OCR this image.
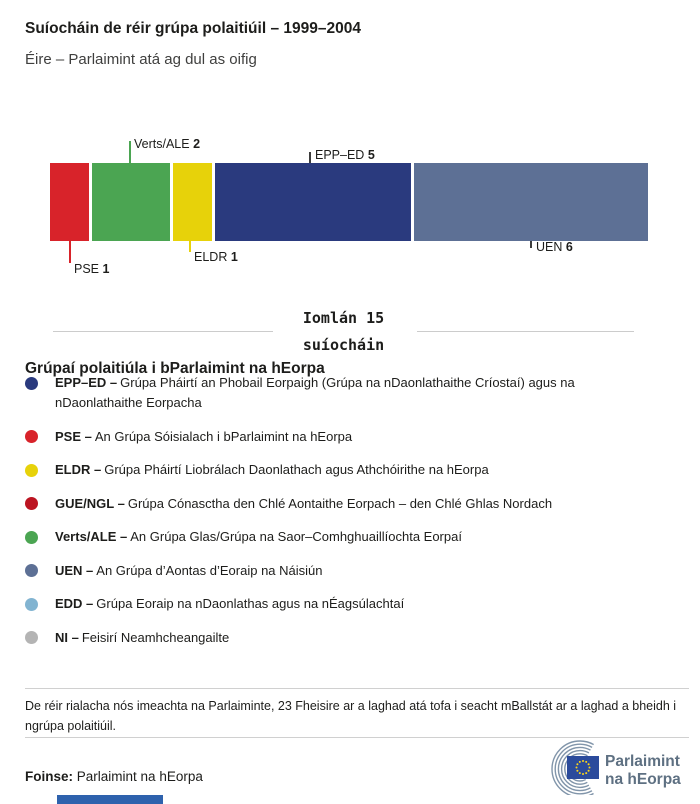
Suíocháin de réir grúpa polaitiúil – 1999–2004
Éire – Parlaimint atá ag dul as oifig
Verts/ALE 2
EPP–ED 5
PSE 1
ELDR 1
UEN 6
Iomlán 15
suíocháin
Grúpaí polaitiúla i bParlaimint na hEorpa
EPP–ED – Grúpa Pháirtí an Phobail Eorpaigh (Grúpa na nDaonlathaithe Críostaí) agus na nDaonlathaithe Eorpacha
PSE – An Grúpa Sóisialach i bParlaimint na hEorpa
ELDR – Grúpa Pháirtí Liobrálach Daonlathach agus Athchóirithe na hEorpa
GUE/NGL – Grúpa Cónasctha den Chlé Aontaithe Eorpach – den Chlé Ghlas Nordach
Verts/ALE – An Grúpa Glas/Grúpa na Saor–Comhghuaillíochta Eorpaí
UEN – An Grúpa d’Aontas d’Eoraip na Náisiún
EDD – Grúpa Eoraip na nDaonlathas agus na nÉagsúlachtaí
NI – Feisirí Neamhcheangailte
De réir rialacha nós imeachta na Parlaiminte, 23 Fheisire ar a laghad atá tofa i seacht mBallstát ar a laghad a bheidh i ngrúpa polaitiúil.
Foinse: Parlaimint na hEorpa
Parlaimint
na hEorpa
